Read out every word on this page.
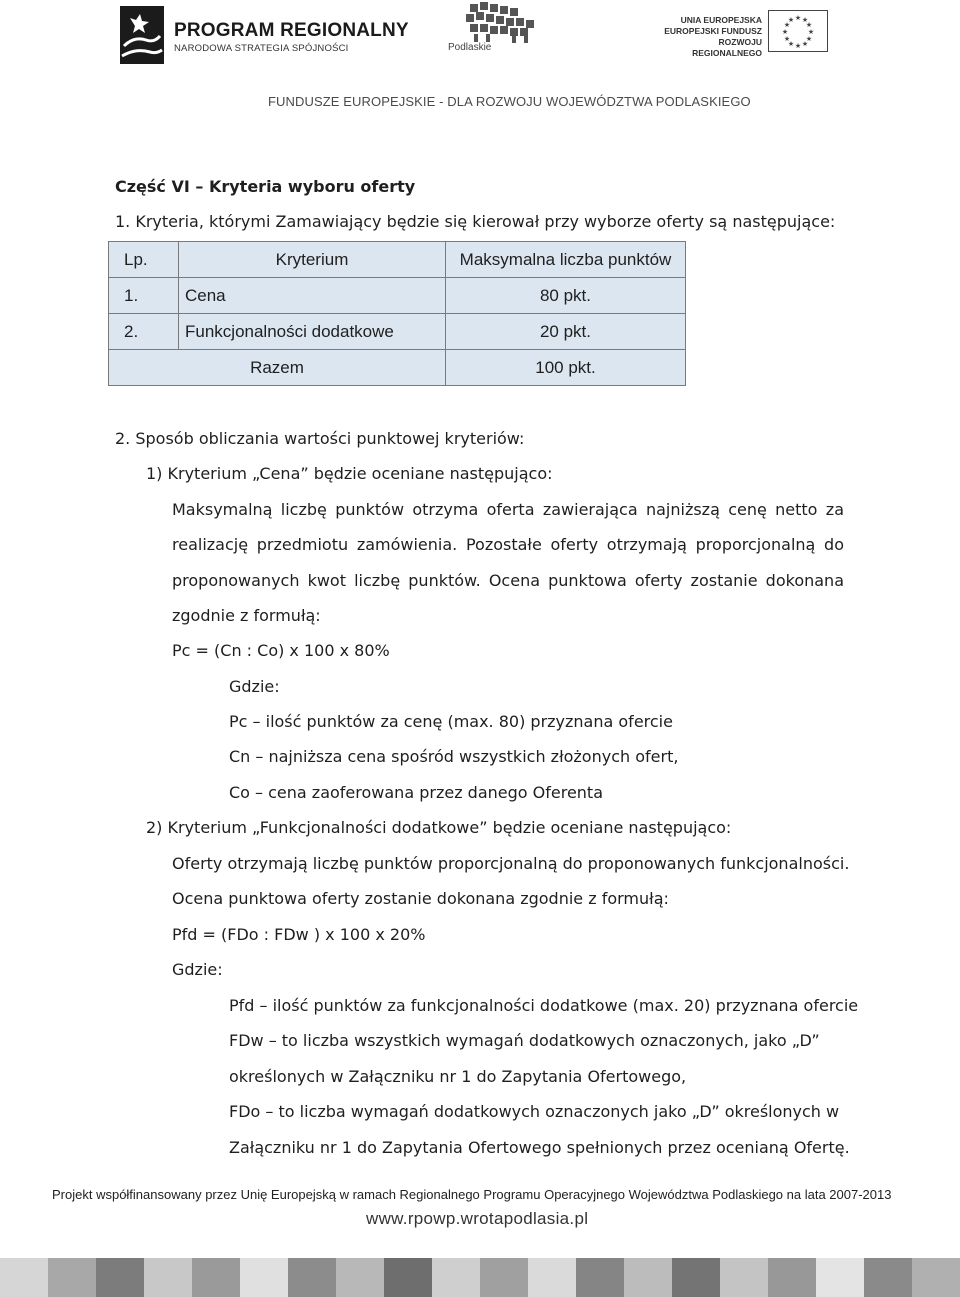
PROGRAM REGIONALNY
NARODOWA STRATEGIA SPÓJNOŚCI	Podlaskie
UNIA EUROPEJSKA
EUROPEJSKI FUNDUSZ
ROZWOJU REGIONALNEGO
★ ★
★
★
★
★
★
★
★
★
★
★
FUNDUSZE EUROPEJSKIE - DLA ROZWOJU WOJEWÓDZTWA PODLASKIEGO
Część VI – Kryteria wyboru oferty
1. Kryteria, którymi Zamawiający będzie się kierował przy wyborze oferty są następujące:
Lp.	Kryterium	Maksymalna liczba punktów
1.	Cena	80 pkt.
2.	Funkcjonalności dodatkowe	20 pkt.
Razem		100 pkt.
2. Sposób obliczania wartości punktowej kryteriów:
1) Kryterium „Cena” będzie oceniane następująco:
Maksymalną liczbę punktów otrzyma oferta zawierająca najniższą cenę netto za
realizację przedmiotu zamówienia. Pozostałe oferty otrzymają proporcjonalną do
proponowanych kwot liczbę punktów. Ocena punktowa oferty zostanie dokonana
zgodnie z formułą:
Pc = (Cn : Co) x 100 x 80%
Gdzie:
Pc – ilość punktów za cenę (max. 80) przyznana ofercie
Cn – najniższa cena spośród wszystkich złożonych ofert,
Co – cena zaoferowana przez danego Oferenta
2) Kryterium „Funkcjonalności dodatkowe” będzie oceniane następująco:
Oferty otrzymają liczbę punktów proporcjonalną do proponowanych funkcjonalności.
Ocena punktowa oferty zostanie dokonana zgodnie z formułą:
Pfd = (FDo : FDw ) x 100 x 20%
Gdzie:
Pfd – ilość punktów za funkcjonalności dodatkowe (max. 20) przyznana ofercie
FDw – to liczba wszystkich wymagań dodatkowych oznaczonych, jako „D”
określonych w Załączniku nr 1 do Zapytania Ofertowego,
FDo – to liczba wymagań dodatkowych oznaczonych jako „D” określonych w
Załączniku nr 1 do Zapytania Ofertowego spełnionych przez ocenianą Ofertę.
Projekt współfinansowany przez Unię Europejską w ramach Regionalnego Programu Operacyjnego Województwa Podlaskiego na lata 2007-2013
www.rpowp.wrotapodlasia.pl
